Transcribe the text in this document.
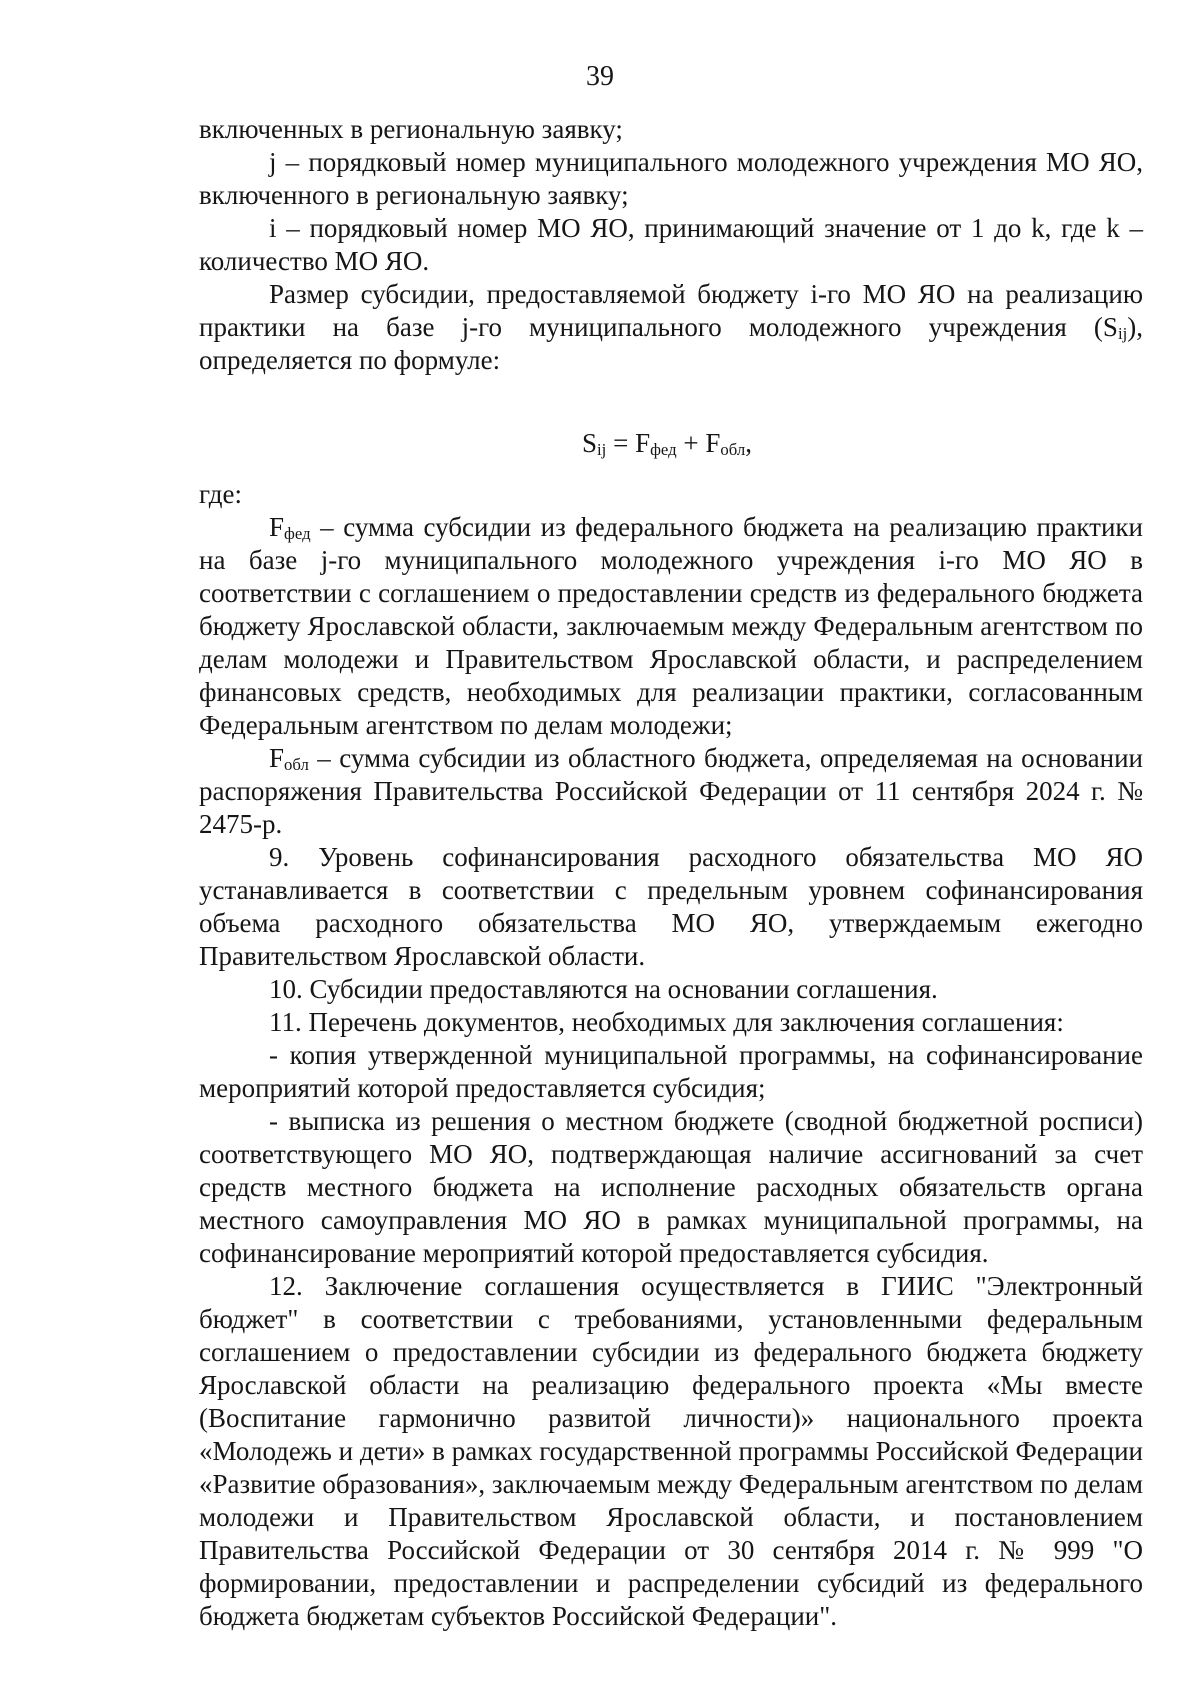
39

включенных в региональную заявку;

j – порядковый номер муниципального молодежного учреждения МО ЯО, включенного в региональную заявку;

i – порядковый номер МО ЯО, принимающий значение от 1 до k, где k – количество МО ЯО.

Размер субсидии, предоставляемой бюджету i-го МО ЯО на реализацию практики на базе j-го муниципального молодежного учреждения $(S_{ij})$, определяется по формуле:

$S_{ij} = F_{фед} + F_{обл}$,

где:

$F_{фед}$ – сумма субсидии из федерального бюджета на реализацию практики на базе j-го муниципального молодежного учреждения i-го МО ЯО в соответствии с соглашением о предоставлении средств из федерального бюджета бюджету Ярославской области, заключаемым между Федеральным агентством по делам молодежи и Правительством Ярославской области, и распределением финансовых средств, необходимых для реализации практики, согласованным Федеральным агентством по делам молодежи;

$F_{обл}$ – сумма субсидии из областного бюджета, определяемая на основании распоряжения Правительства Российской Федерации от 11 сентября 2024 г. № 2475-р.

9. Уровень софинансирования расходного обязательства МО ЯО устанавливается в соответствии с предельным уровнем софинансирования объема расходного обязательства МО ЯО, утверждаемым ежегодно Правительством Ярославской области.

10. Субсидии предоставляются на основании соглашения.

11. Перечень документов, необходимых для заключения соглашения:

- копия утвержденной муниципальной программы, на софинансирование мероприятий которой предоставляется субсидия;

- выписка из решения о местном бюджете (сводной бюджетной росписи) соответствующего МО ЯО, подтверждающая наличие ассигнований за счет средств местного бюджета на исполнение расходных обязательств органа местного самоуправления МО ЯО в рамках муниципальной программы, на софинансирование мероприятий которой предоставляется субсидия.

12. Заключение соглашения осуществляется в ГИИС "Электронный бюджет" в соответствии с требованиями, установленными федеральным соглашением о предоставлении субсидии из федерального бюджета бюджету Ярославской области на реализацию федерального проекта «Мы вместе (Воспитание гармонично развитой личности)» национального проекта «Молодежь и дети» в рамках государственной программы Российской Федерации «Развитие образования», заключаемым между Федеральным агентством по делам молодежи и Правительством Ярославской области, и постановлением Правительства Российской Федерации от 30 сентября 2014 г. № 999 "О формировании, предоставлении и распределении субсидий из федерального бюджета бюджетам субъектов Российской Федерации".
